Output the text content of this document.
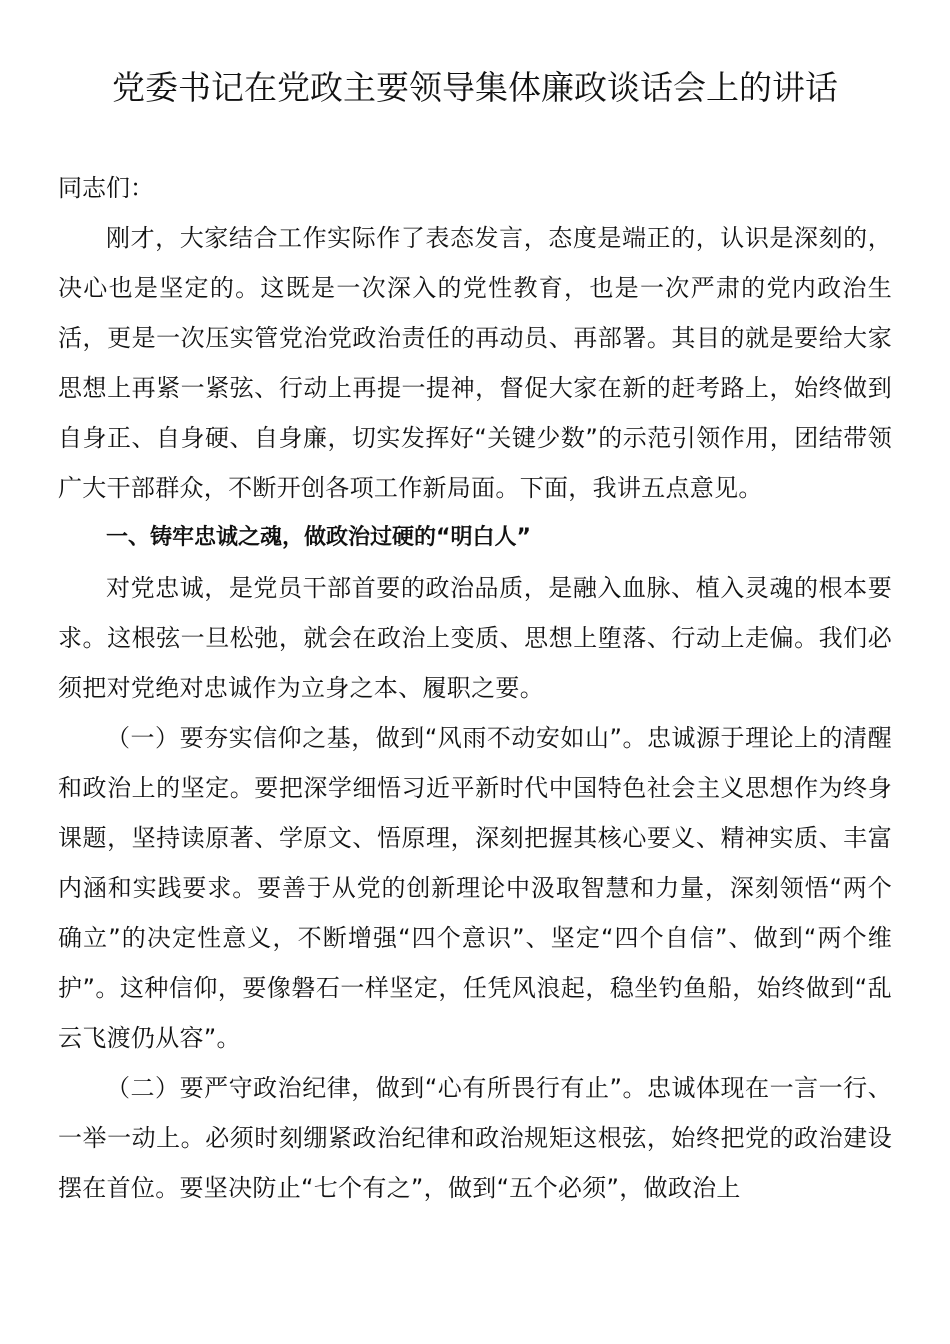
党委书记在党政主要领导集体廉政谈话会上的讲话

同志们：

刚才，大家结合工作实际作了表态发言，态度是端正的，认识是深刻的，决心也是坚定的。这既是一次深入的党性教育，也是一次严肃的党内政治生活，更是一次压实管党治党政治责任的再动员、再部署。其目的就是要给大家思想上再紧一紧弦、行动上再提一提神，督促大家在新的赶考路上，始终做到自身正、自身硬、自身廉，切实发挥好“关键少数”的示范引领作用，团结带领广大干部群众，不断开创各项工作新局面。下面，我讲五点意见。

一、铸牢忠诚之魂，做政治过硬的“明白人”

对党忠诚，是党员干部首要的政治品质，是融入血脉、植入灵魂的根本要求。这根弦一旦松弛，就会在政治上变质、思想上堕落、行动上走偏。我们必须把对党绝对忠诚作为立身之本、履职之要。

（一）要夯实信仰之基，做到“风雨不动安如山”。忠诚源于理论上的清醒和政治上的坚定。要把深学细悟习近平新时代中国特色社会主义思想作为终身课题，坚持读原著、学原文、悟原理，深刻把握其核心要义、精神实质、丰富内涵和实践要求。要善于从党的创新理论中汲取智慧和力量，深刻领悟“两个确立”的决定性意义，不断增强“四个意识”、坚定“四个自信”、做到“两个维护”。这种信仰，要像磐石一样坚定，任凭风浪起，稳坐钓鱼船，始终做到“乱云飞渡仍从容”。

（二）要严守政治纪律，做到“心有所畏行有止”。忠诚体现在一言一行、一举一动上。必须时刻绷紧政治纪律和政治规矩这根弦，始终把党的政治建设摆在首位。要坚决防止“七个有之”，做到“五个必须”，做政治上
